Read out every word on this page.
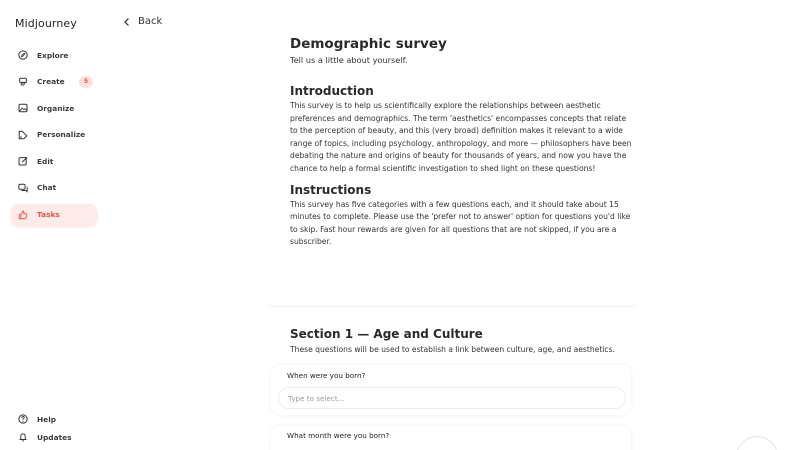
Midjourney
Explore
Create	5
Organize
Personalize
Edit
Chat
Tasks
Help
Updates
Back
Demographic survey
Tell us a little about yourself.
Introduction
This survey is to help us scientifically explore the relationships between aesthetic preferences and demographics. The term 'aesthetics' encompasses concepts that relate to the perception of beauty, and this (very broad) definition makes it relevant to a wide range of topics, including psychology, anthropology, and more — philosophers have been debating the nature and origins of beauty for thousands of years, and now you have the chance to help a formal scientific investigation to shed light on these questions!
Instructions
This survey has five categories with a few questions each, and it should take about 15 minutes to complete. Please use the 'prefer not to answer' option for questions you'd like to skip. Fast hour rewards are given for all questions that are not skipped, if you are a subscriber.
Section 1 — Age and Culture
These questions will be used to establish a link between culture, age, and aesthetics.
When were you born?
Type to select...
What month were you born?
